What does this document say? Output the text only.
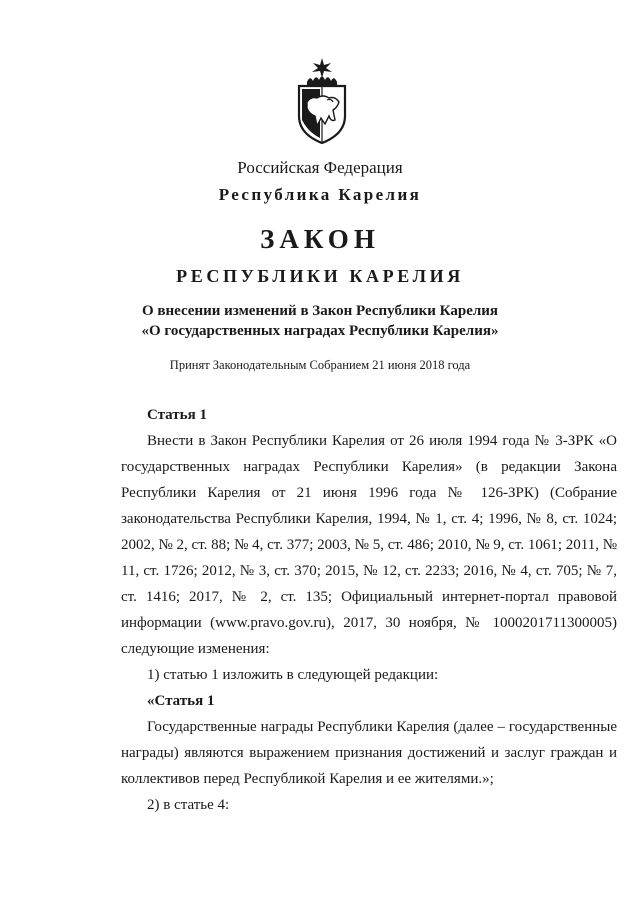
Российская Федерация
Республика Карелия
ЗАКОН
РЕСПУБЛИКИ КАРЕЛИЯ
О внесении изменений в Закон Республики Карелия
«О государственных наградах Республики Карелия»
Принят Законодательным Собранием 21 июня 2018 года

Статья 1

Внести в Закон Республики Карелия от 26 июля 1994 года № 3-ЗРК «О государственных наградах Республики Карелия» (в редакции Закона Республики Карелия от 21 июня 1996 года № 126-ЗРК) (Собрание законодательства Республики Карелия, 1994, № 1, ст. 4; 1996, № 8, ст. 1024; 2002, № 2, ст. 88; № 4, ст. 377; 2003, № 5, ст. 486; 2010, № 9, ст. 1061; 2011, № 11, ст. 1726; 2012, № 3, ст. 370; 2015, № 12, ст. 2233; 2016, № 4, ст. 705; № 7, ст. 1416; 2017, № 2, ст. 135; Официальный интернет-портал правовой информации (www.pravo.gov.ru), 2017, 30 ноября, № 1000201711300005) следующие изменения:

1) статью 1 изложить в следующей редакции:

«Статья 1

Государственные награды Республики Карелия (далее – государственные награды) являются выражением признания достижений и заслуг граждан и коллективов перед Республикой Карелия и ее жителями.»;

2) в статье 4:
